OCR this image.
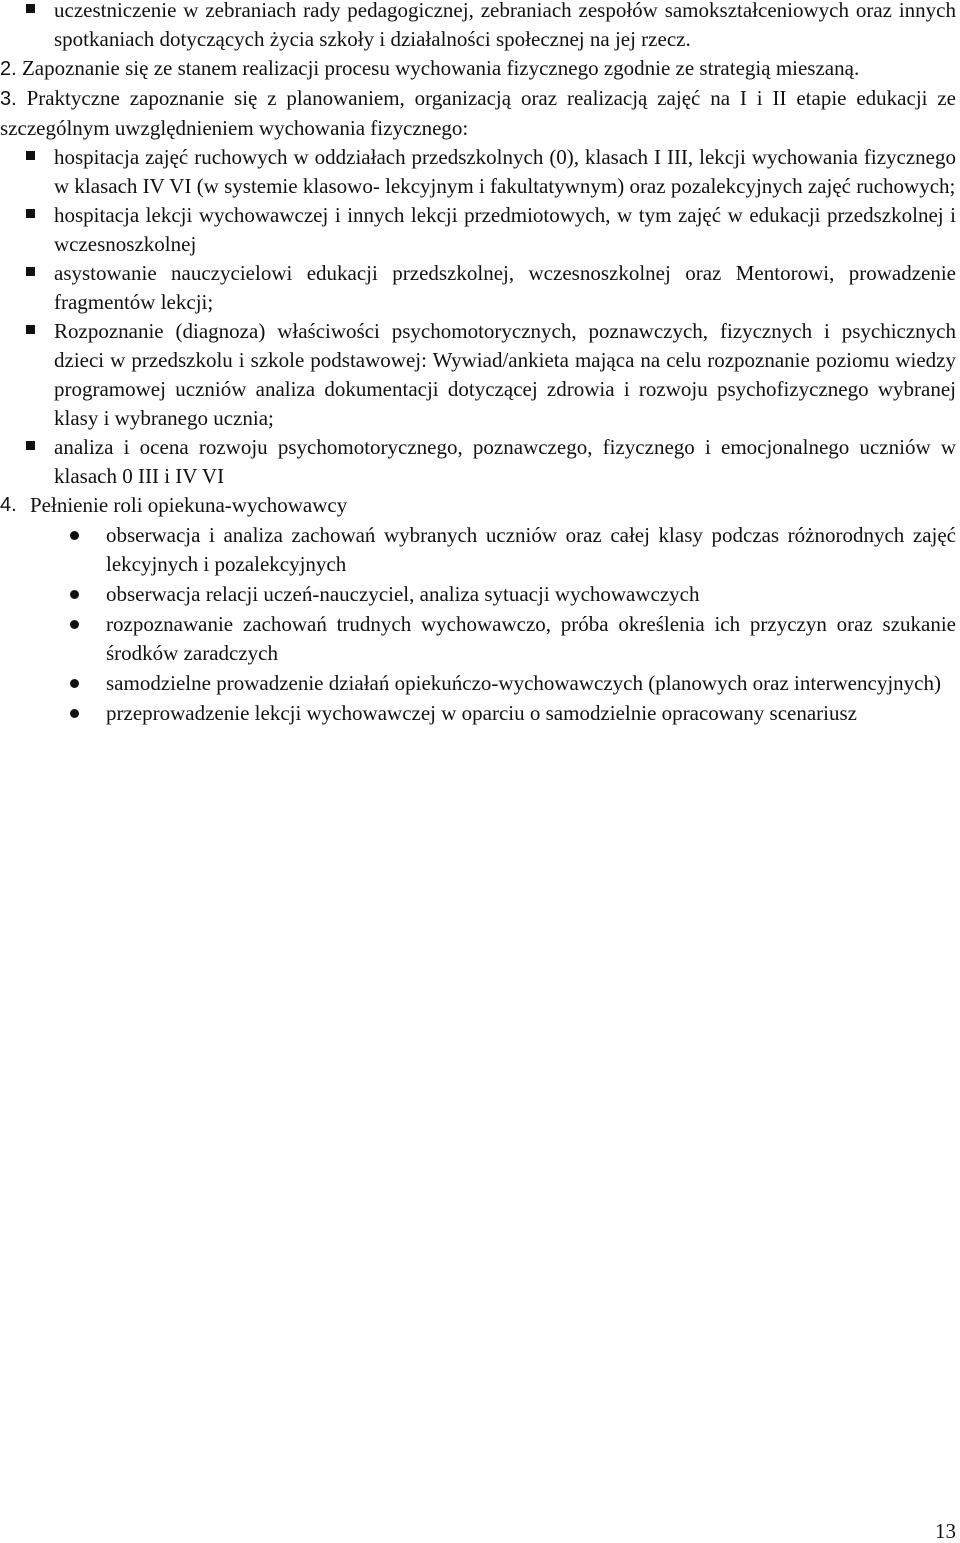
uczestniczenie w zebraniach rady pedagogicznej, zebraniach zespołów samokształceniowych oraz innych spotkaniach dotyczących życia szkoły i działalności społecznej na jej rzecz.
2. Zapoznanie się ze stanem realizacji procesu wychowania fizycznego zgodnie ze strategią mieszaną.
3. Praktyczne zapoznanie się z planowaniem, organizacją oraz realizacją zajęć na I i II etapie edukacji ze szczególnym uwzględnieniem wychowania fizycznego:
hospitacja zajęć ruchowych w oddziałach przedszkolnych (0), klasach I III, lekcji wychowania fizycznego w klasach IV VI (w systemie klasowo- lekcyjnym i fakultatywnym) oraz pozalekcyjnych zajęć ruchowych;
hospitacja lekcji wychowawczej i innych lekcji przedmiotowych, w tym zajęć w edukacji przedszkolnej i wczesnoszkolnej
asystowanie nauczycielowi edukacji przedszkolnej, wczesnoszkolnej oraz Mentorowi, prowadzenie fragmentów lekcji;
Rozpoznanie (diagnoza) właściwości psychomotorycznych, poznawczych, fizycznych i psychicznych dzieci w przedszkolu i szkole podstawowej: Wywiad/ankieta mająca na celu rozpoznanie poziomu wiedzy programowej uczniów analiza dokumentacji dotyczącej zdrowia i rozwoju psychofizycznego wybranej klasy i wybranego ucznia;
analiza i ocena rozwoju psychomotorycznego, poznawczego, fizycznego i emocjonalnego uczniów w klasach 0 III i IV VI
4. Pełnienie roli opiekuna-wychowawcy
obserwacja i analiza zachowań wybranych uczniów oraz całej klasy podczas różnorodnych zajęć lekcyjnych i pozalekcyjnych
obserwacja relacji uczeń-nauczyciel, analiza sytuacji wychowawczych
rozpoznawanie zachowań trudnych wychowawczo, próba określenia ich przyczyn oraz szukanie środków zaradczych
samodzielne prowadzenie działań opiekuńczo-wychowawczych (planowych oraz interwencyjnych)
przeprowadzenie lekcji wychowawczej w oparciu o samodzielnie opracowany scenariusz
13
